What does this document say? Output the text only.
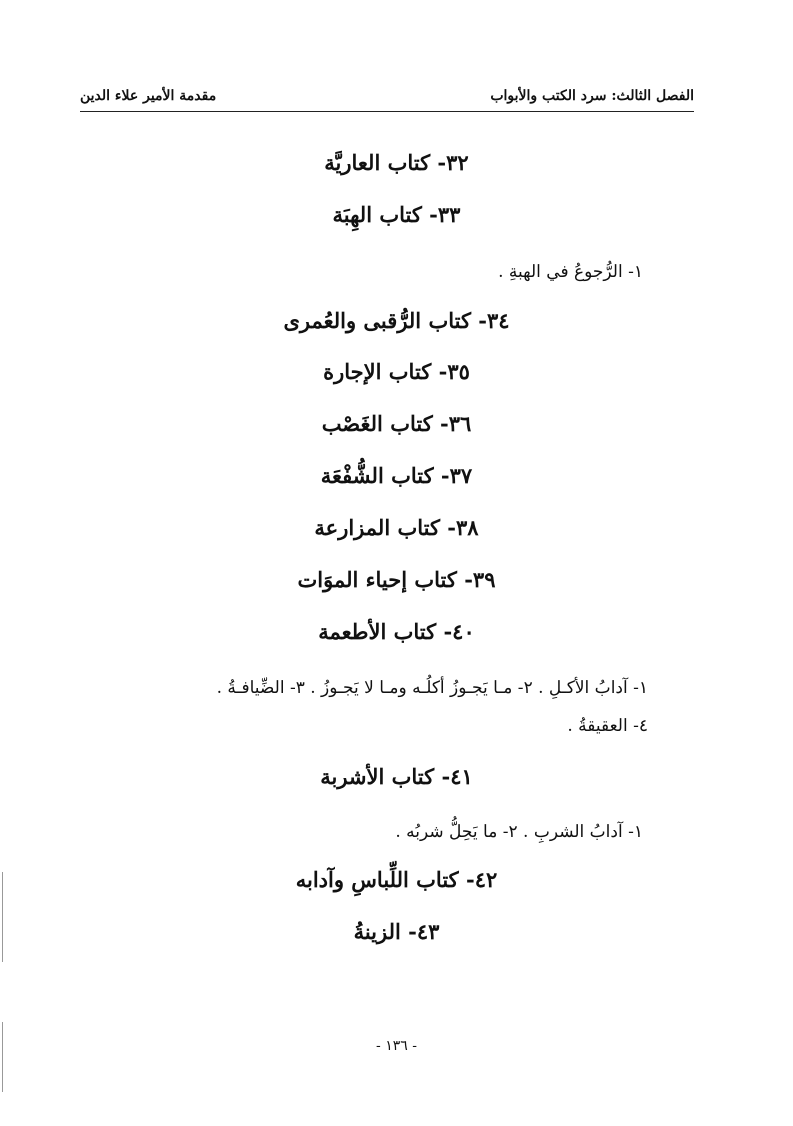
الفصل الثالث: سرد الكتب والأبواب
مقدمة الأمير علاء الدين
٣٢- كتاب العاريَّة
٣٣- كتاب الهِبَة
١- الرُّجوعُ في الهبةِ .
٣٤- كتاب الرُّقبى والعُمرى
٣٥- كتاب الإجارة
٣٦- كتاب الغَصْب
٣٧- كتاب الشُّفْعَة
٣٨- كتاب المزارعة
٣٩- كتاب إحياء الموَات
٤٠- كتاب الأطعمة
١- آدابُ الأكـلِ . ٢- مـا يَجـوزُ أكلُـه ومـا لا يَجـوزُ . ٣- الضِّيافـةُ .
٤- العقيقةُ .
٤١- كتاب الأشربة
١- آدابُ الشربِ . ٢- ما يَحِلُّ شربُه .
٤٢- كتاب اللِّباسِ وآدابه
٤٣- الزينةُ
- ١٣٦ -
